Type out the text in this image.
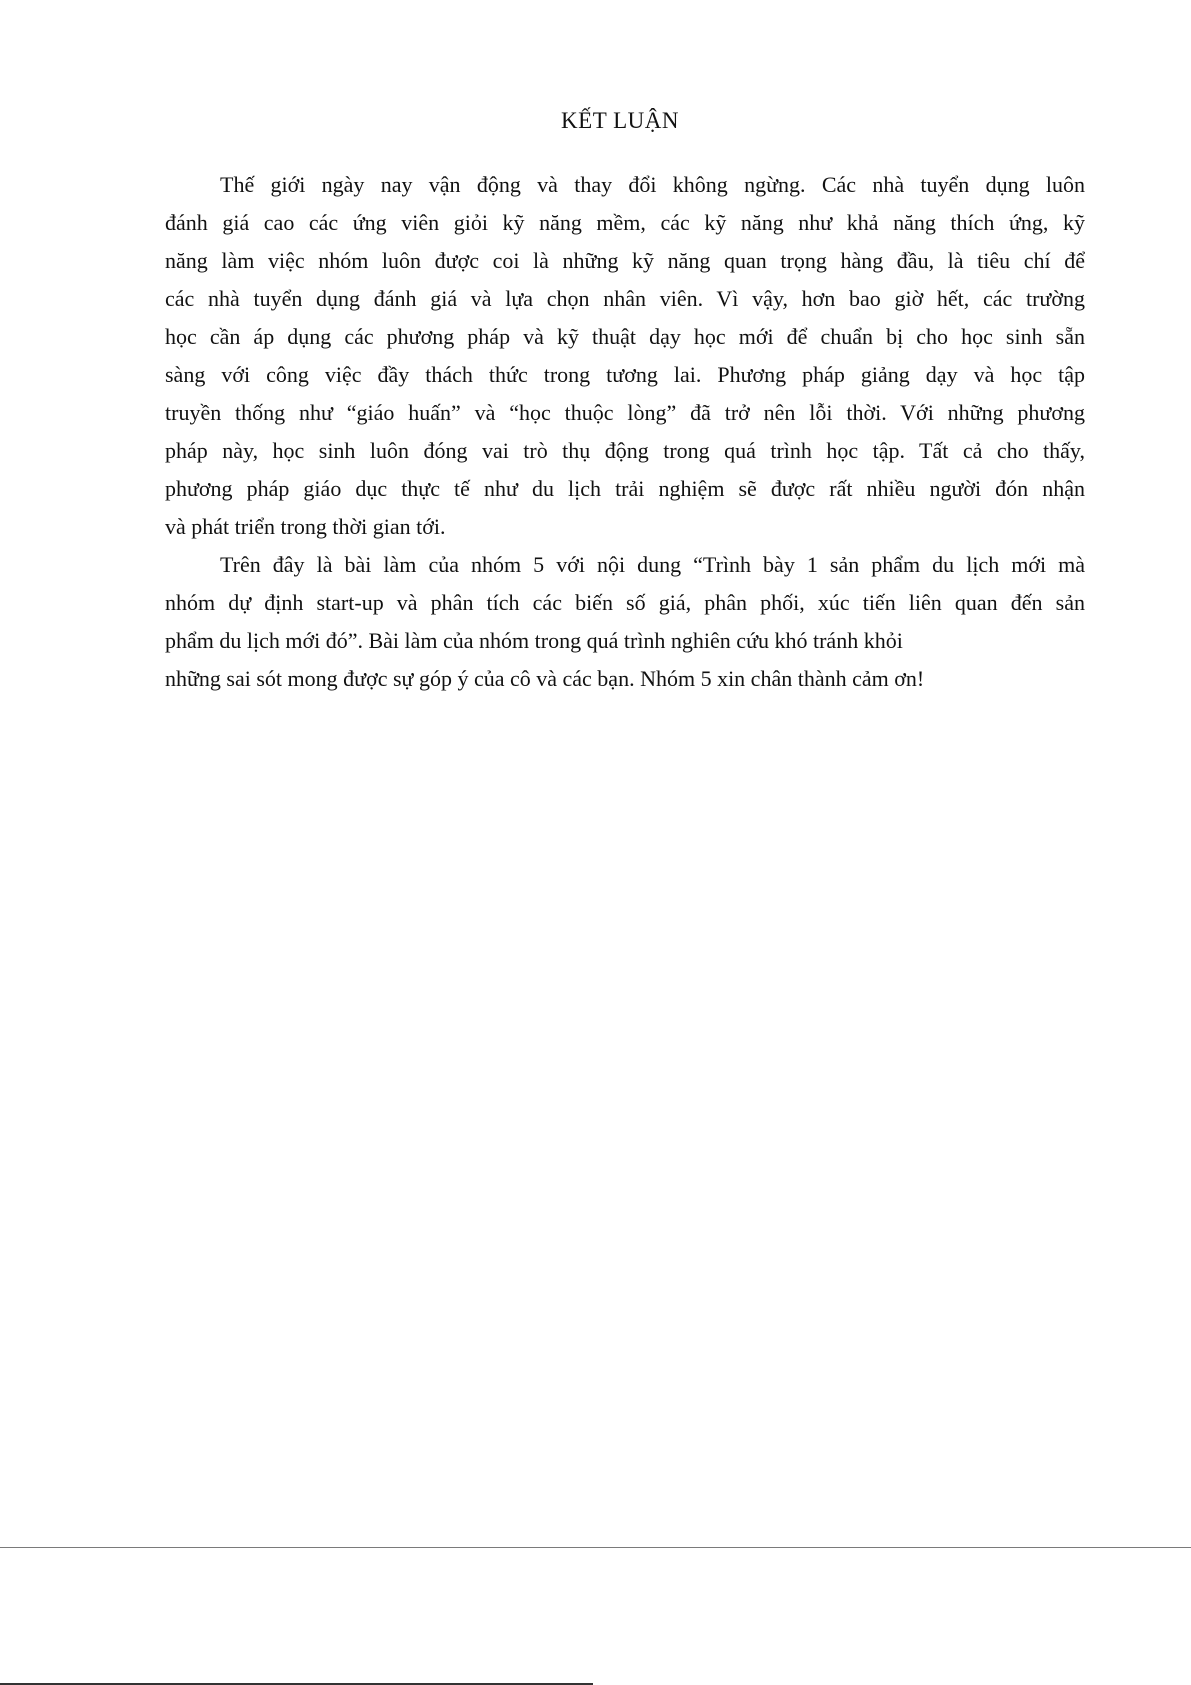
KẾT LUẬN
Thế giới ngày nay vận động và thay đổi không ngừng. Các nhà tuyển dụng luôn
đánh giá cao các ứng viên giỏi kỹ năng mềm, các kỹ năng như khả năng thích ứng, kỹ
năng làm việc nhóm luôn được coi là những kỹ năng quan trọng hàng đầu, là tiêu chí để
các nhà tuyển dụng đánh giá và lựa chọn nhân viên. Vì vậy, hơn bao giờ hết, các trường
học cần áp dụng các phương pháp và kỹ thuật dạy học mới để chuẩn bị cho học sinh sẵn
sàng với công việc đầy thách thức trong tương lai. Phương pháp giảng dạy và học tập
truyền thống như “giáo huấn” và “học thuộc lòng” đã trở nên lỗi thời. Với những phương
pháp này, học sinh luôn đóng vai trò thụ động trong quá trình học tập. Tất cả cho thấy,
phương pháp giáo dục thực tế như du lịch trải nghiệm sẽ được rất nhiều người đón nhận
và phát triển trong thời gian tới.
Trên đây là bài làm của nhóm 5 với nội dung “Trình bày 1 sản phẩm du lịch mới mà
nhóm dự định start-up và phân tích các biến số giá, phân phối, xúc tiến liên quan đến sản
phẩm du lịch mới đó”. Bài làm của nhóm trong quá trình nghiên cứu khó tránh khỏi
những sai sót mong được sự góp ý của cô và các bạn. Nhóm 5 xin chân thành cảm ơn!
